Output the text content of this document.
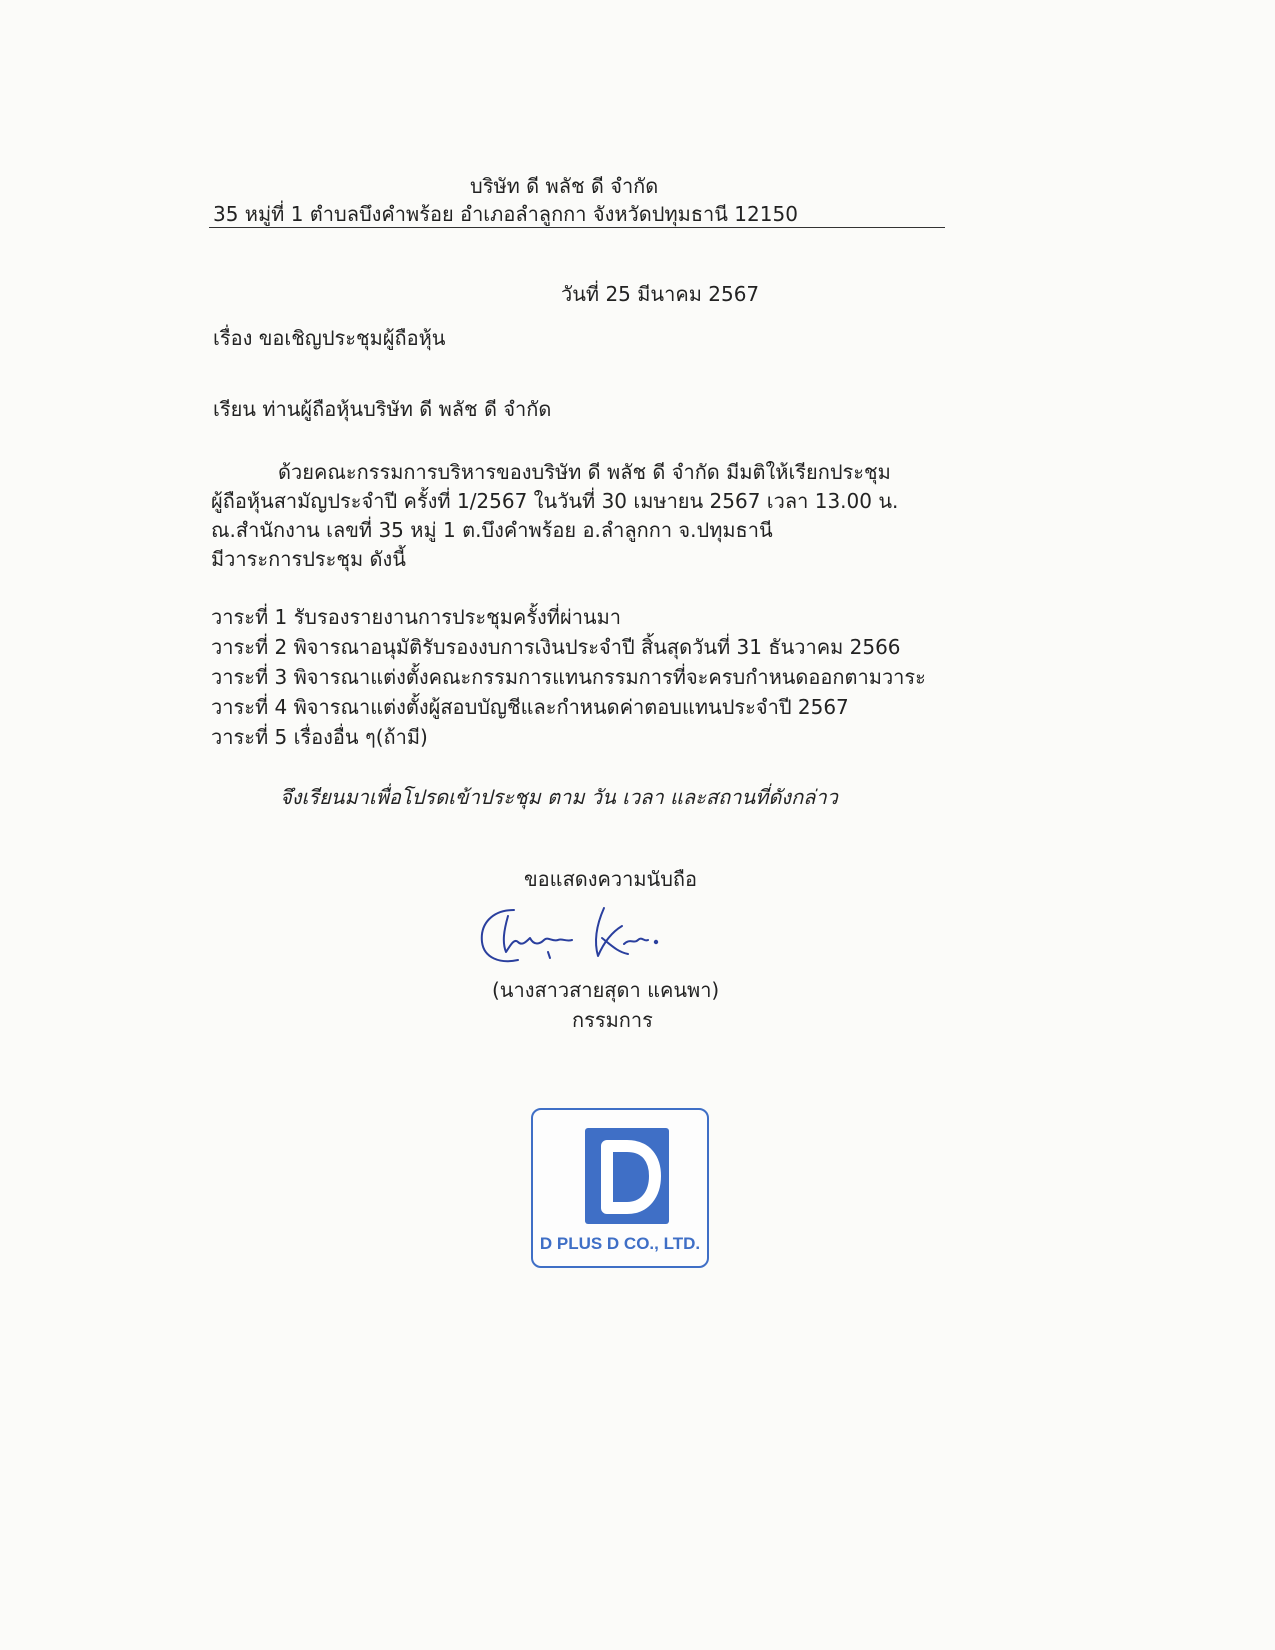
บริษัท ดี พลัช ดี จำกัด
35 หมู่ที่ 1 ตำบลบึงคำพร้อย อำเภอลำลูกกา จังหวัดปทุมธานี 12150
วันที่ 25 มีนาคม 2567
เรื่อง ขอเชิญประชุมผู้ถือหุ้น
เรียน ท่านผู้ถือหุ้นบริษัท ดี พลัช ดี จำกัด
ด้วยคณะกรรมการบริหารของบริษัท ดี พลัช ดี จำกัด มีมติให้เรียกประชุม
ผู้ถือหุ้นสามัญประจำปี ครั้งที่ 1/2567 ในวันที่ 30 เมษายน 2567 เวลา 13.00 น.
ณ.สำนักงาน เลขที่ 35 หมู่ 1 ต.บึงคำพร้อย อ.ลำลูกกา จ.ปทุมธานี
มีวาระการประชุม ดังนี้
วาระที่ 1 รับรองรายงานการประชุมครั้งที่ผ่านมา
วาระที่ 2 พิจารณาอนุมัติรับรองงบการเงินประจำปี สิ้นสุดวันที่ 31 ธันวาคม 2566
วาระที่ 3 พิจารณาแต่งตั้งคณะกรรมการแทนกรรมการที่จะครบกำหนดออกตามวาระ
วาระที่ 4 พิจารณาแต่งตั้งผู้สอบบัญชีและกำหนดค่าตอบแทนประจำปี 2567
วาระที่ 5 เรื่องอื่น ๆ(ถ้ามี)
จึงเรียนมาเพื่อโปรดเข้าประชุม ตาม วัน เวลา และสถานที่ดังกล่าว
ขอแสดงความนับถือ
(นางสาวสายสุดา แคนพา)
กรรมการ
D PLUS D CO., LTD.
